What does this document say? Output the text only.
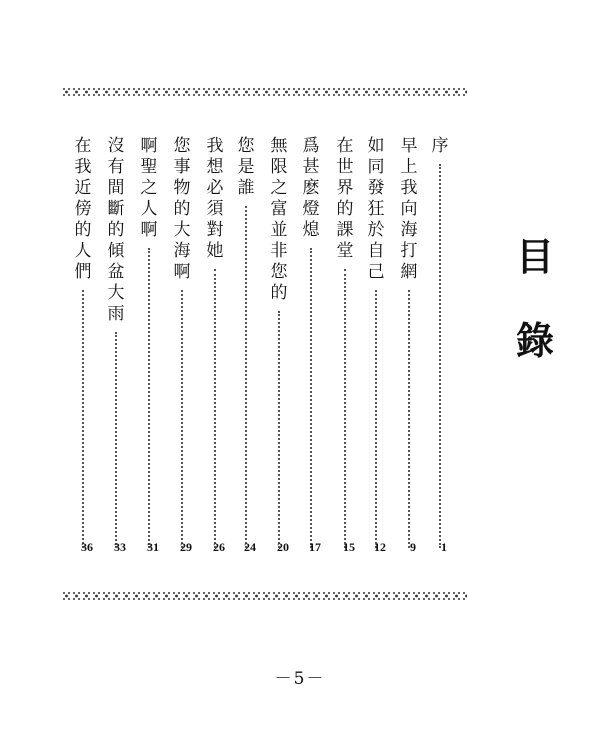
目
錄
序
早上我向海打網
如同發狂於自己
在世界的課堂
爲甚麽燈熄
無限之富並非您的
您是誰
我想必須對她
您事物的大海啊
啊聖之人啊
沒有間斷的傾盆大雨
在我近傍的人們
1
9
12
15
17
20
24
26
29
31
33
36
－5－
